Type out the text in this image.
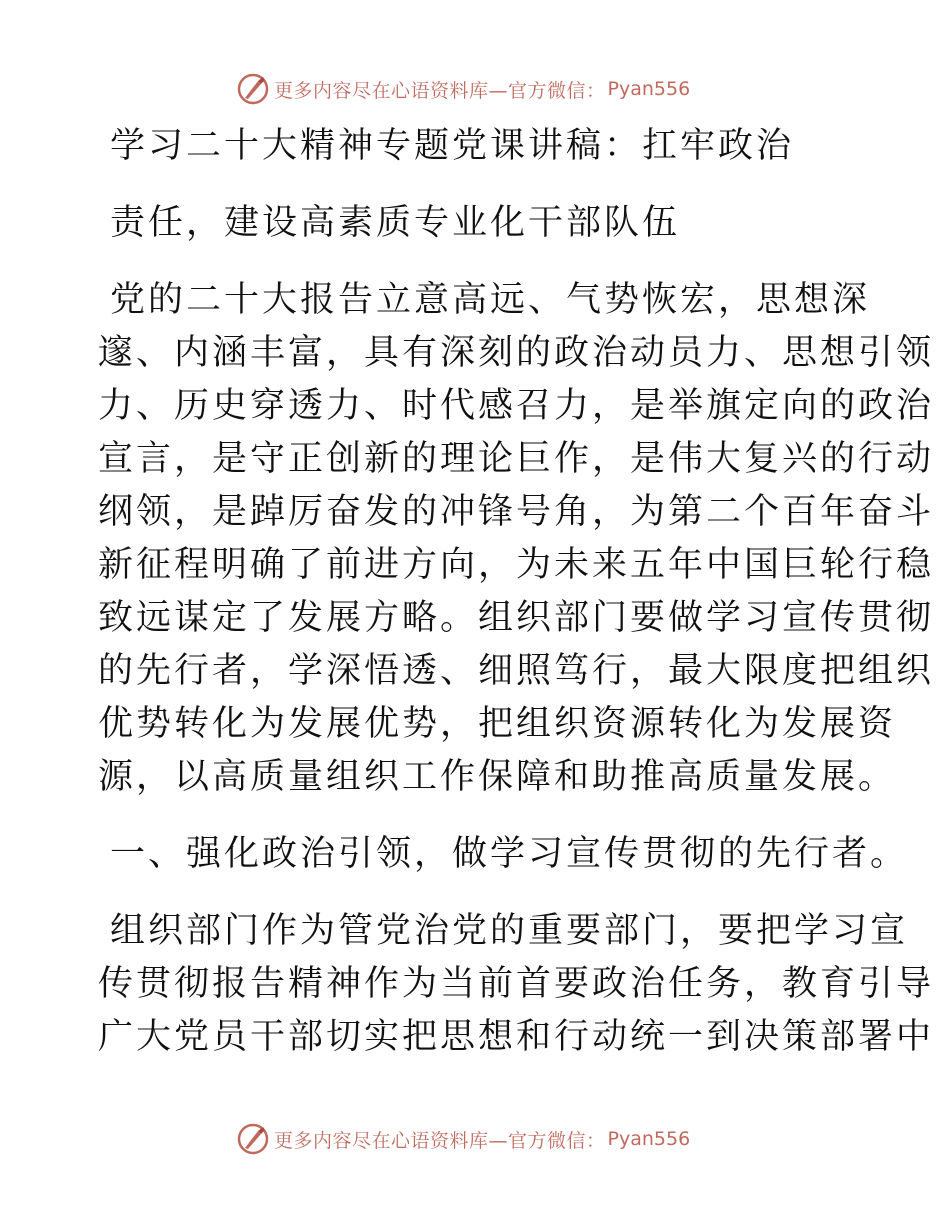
更多内容尽在心语资料库—官方微信： Pyan556
学习二十大精神专题党课讲稿：扛牢政治
责任，建设高素质专业化干部队伍
党的二十大报告立意高远、气势恢宏，思想深
邃、内涵丰富，具有深刻的政治动员力、思想引领
力、历史穿透力、时代感召力，是举旗定向的政治
宣言，是守正创新的理论巨作，是伟大复兴的行动
纲领，是踔厉奋发的冲锋号角，为第二个百年奋斗
新征程明确了前进方向，为未来五年中国巨轮行稳
致远谋定了发展方略。组织部门要做学习宣传贯彻
的先行者，学深悟透、细照笃行，最大限度把组织
优势转化为发展优势，把组织资源转化为发展资
源，以高质量组织工作保障和助推高质量发展。
一、强化政治引领，做学习宣传贯彻的先行者。
组织部门作为管党治党的重要部门，要把学习宣
传贯彻报告精神作为当前首要政治任务，教育引导
广大党员干部切实把思想和行动统一到决策部署中
更多内容尽在心语资料库—官方微信： Pyan556
